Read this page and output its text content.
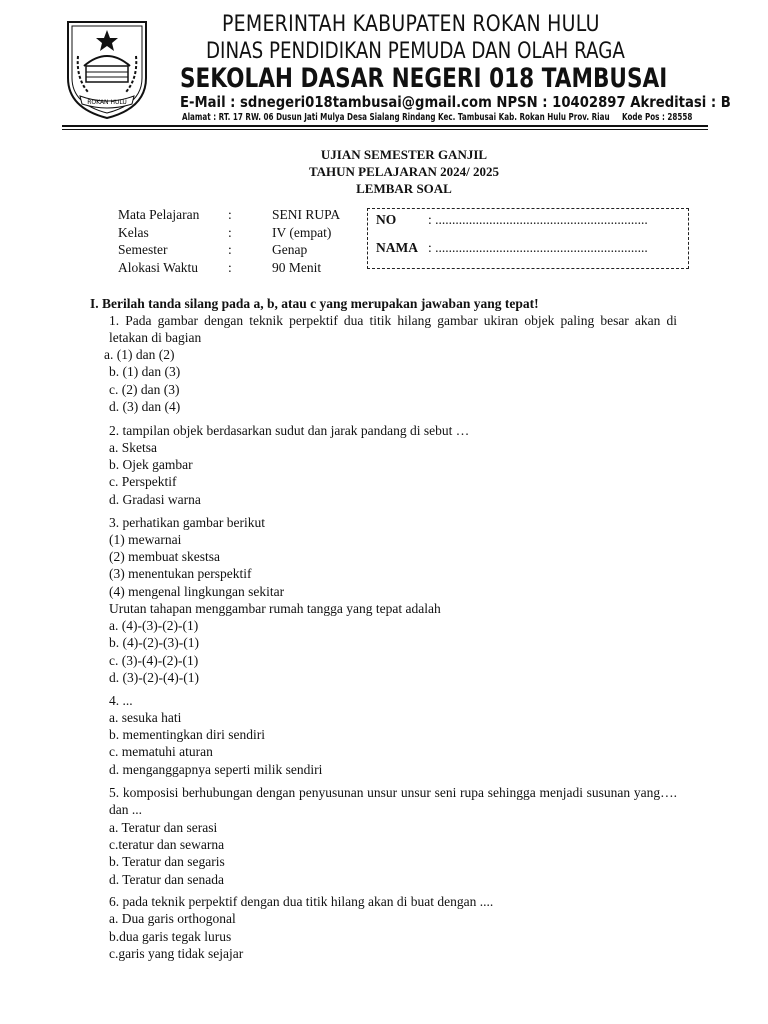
ROKAN HULU
PEMERINTAH KABUPATEN ROKAN HULU
DINAS PENDIDIKAN PEMUDA DAN OLAH RAGA
SEKOLAH DASAR NEGERI 018 TAMBUSAI
E-Mail : sdnegeri018tambusai@gmail.com NPSN : 10402897 Akreditasi : B
Alamat : RT. 17 RW. 06 Dusun Jati Mulya Desa Sialang Rindang Kec. Tambusai Kab. Rokan Hulu Prov. Riau Kode Pos : 28558
UJIAN SEMESTER GANJIL
TAHUN PELAJARAN 2024/ 2025
LEMBAR SOAL
Mata Pelajaran :	SENI RUPA
Kelas	:	IV (empat)
Semester	:	Genap
Alokasi Waktu :	90 Menit
NO : ...............................................................
NAMA : ...............................................................
I. Berilah tanda silang pada a, b, atau c yang merupakan jawaban yang tepat!
1. Pada gambar dengan teknik perpektif dua titik hilang gambar ukiran objek paling besar akan di letakan di bagian
a. (1) dan (2)
b. (1) dan (3)
c. (2) dan (3)
d. (3) dan (4)
2. tampilan objek berdasarkan sudut dan jarak pandang di sebut …
a. Sketsa
b. Ojek gambar
c. Perspektif
d. Gradasi warna
3. perhatikan gambar berikut
(1) mewarnai
(2) membuat skestsa
(3) menentukan perspektif
(4) mengenal lingkungan sekitar
Urutan tahapan menggambar rumah tangga yang tepat adalah
a. (4)-(3)-(2)-(1)
b. (4)-(2)-(3)-(1)
c. (3)-(4)-(2)-(1)
d. (3)-(2)-(4)-(1)
4. ...
a. sesuka hati
b. mementingkan diri sendiri
c. mematuhi aturan
d. menganggapnya seperti milik sendiri
5. komposisi berhubungan dengan penyusunan unsur unsur seni rupa sehingga menjadi susunan yang…. dan ...
a. Teratur dan serasi
c.teratur dan sewarna
b. Teratur dan segaris
d. Teratur dan senada
6. pada teknik perpektif dengan dua titik hilang akan di buat dengan ....
a. Dua garis orthogonal
b.dua garis tegak lurus
c.garis yang tidak sejajar
